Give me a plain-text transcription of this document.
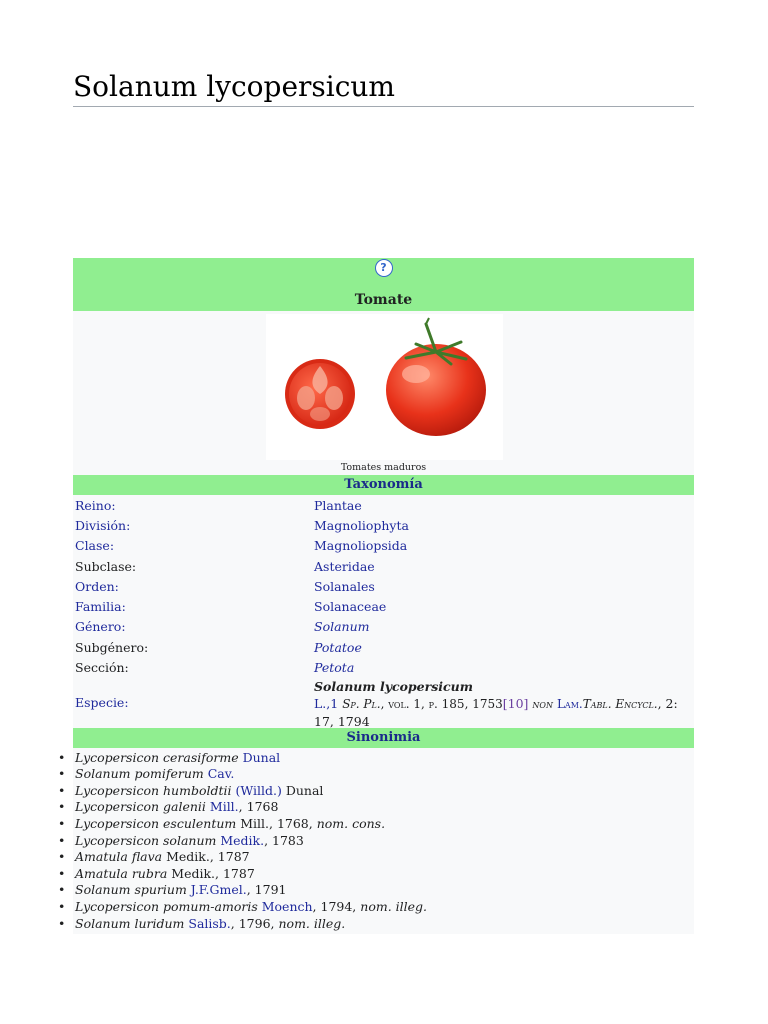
Solanum lycopersicum
?
Tomate
Tomates maduros
Taxonomía
Reino:	Plantae
División:	Magnoliophyta
Clase:	Magnoliopsida
Subclase:	Asteridae
Orden:	Solanales
Familia:	Solanaceae
Género:	Solanum
Subgénero:	Potatoe
Sección:	Petota
Especie:
Solanum lycopersicum
L.,1 Sp. Pl., vol. 1, p. 185, 1753[10] non Lam.Tabl. Encycl., 2: 17, 1794
Sinonimia
• Lycopersicon cerasiforme Dunal
• Solanum pomiferum Cav.
• Lycopersicon humboldtii (Willd.) Dunal
• Lycopersicon galenii Mill., 1768
• Lycopersicon esculentum Mill., 1768, nom. cons.
• Lycopersicon solanum Medik., 1783
• Amatula flava Medik., 1787
• Amatula rubra Medik., 1787
• Solanum spurium J.F.Gmel., 1791
• Lycopersicon pomum-amoris Moench, 1794, nom. illeg.
• Solanum luridum Salisb., 1796, nom. illeg.
